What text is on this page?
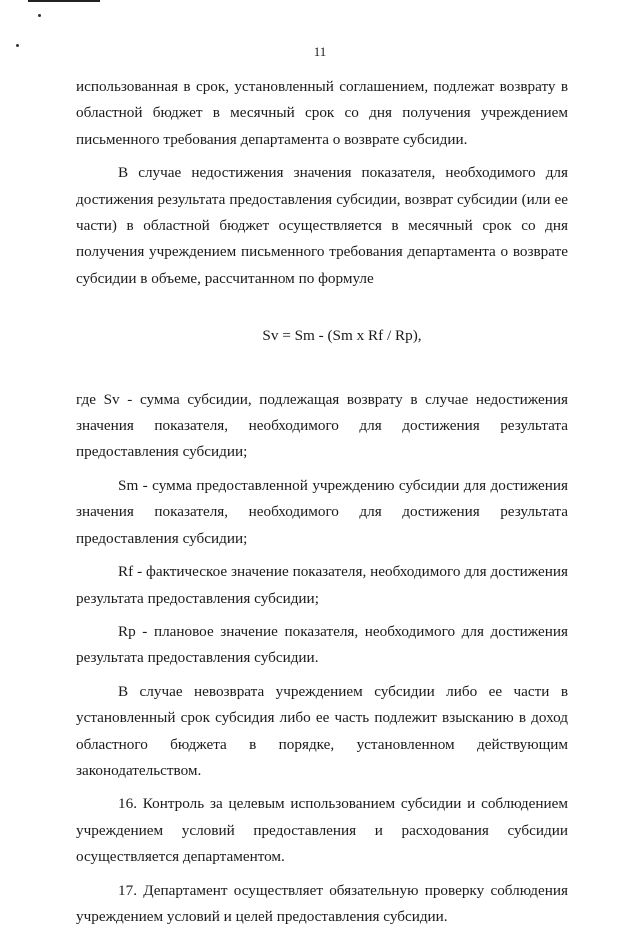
11

использованная в срок, установленный соглашением, подлежат возврату в областной бюджет в месячный срок со дня получения учреждением письменного требования департамента о возврате субсидии.

В случае недостижения значения показателя, необходимого для достижения результата предоставления субсидии, возврат субсидии (или ее части) в областной бюджет осуществляется в месячный срок со дня получения учреждением письменного требования департамента о возврате субсидии в объеме, рассчитанном по формуле

Sv = Sm - (Sm x Rf / Rp),

где Sv - сумма субсидии, подлежащая возврату в случае недостижения значения показателя, необходимого для достижения результата предоставления субсидии;

Sm - сумма предоставленной учреждению субсидии для достижения значения показателя, необходимого для достижения результата предоставления субсидии;

Rf - фактическое значение показателя, необходимого для достижения результата предоставления субсидии;

Rp - плановое значение показателя, необходимого для достижения результата предоставления субсидии.

В случае невозврата учреждением субсидии либо ее части в установленный срок субсидия либо ее часть подлежит взысканию в доход областного бюджета в порядке, установленном действующим законодательством.

16. Контроль за целевым использованием субсидии и соблюдением учреждением условий предоставления и расходования субсидии осуществляется департаментом.

17. Департамент осуществляет обязательную проверку соблюдения учреждением условий и целей предоставления субсидии.
